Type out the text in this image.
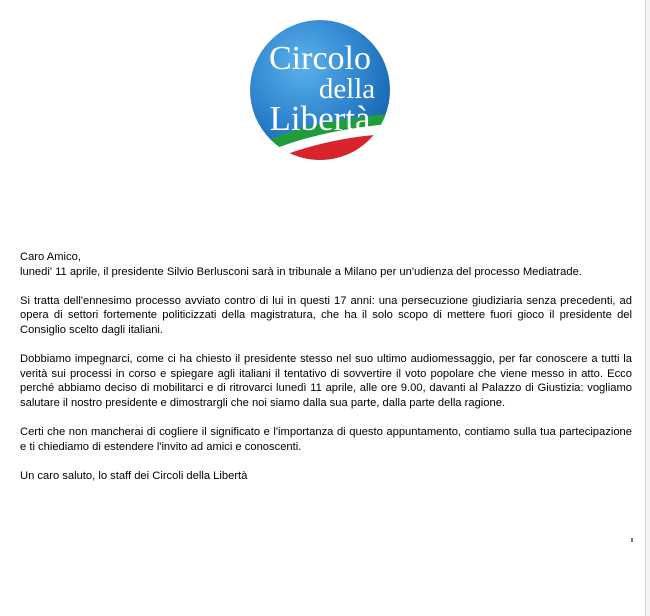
Circolo
della
Libertà

Caro Amico,
lunedi' 11 aprile, il presidente Silvio Berlusconi sarà in tribunale a Milano per un'udienza del processo Mediatrade.

Si tratta dell'ennesimo processo avviato contro di lui in questi 17 anni: una persecuzione giudiziaria senza precedenti, ad opera di settori fortemente politicizzati della magistratura, che ha il solo scopo di mettere fuori gioco il presidente del Consiglio scelto dagli italiani.

Dobbiamo impegnarci, come ci ha chiesto il presidente stesso nel suo ultimo audiomessaggio, per far conoscere a tutti la verità sui processi in corso e spiegare agli italiani il tentativo di sovvertire il voto popolare che viene messo in atto. Ecco perché abbiamo deciso di mobilitarci e di ritrovarci lunedì 11 aprile, alle ore 9.00, davanti al Palazzo di Giustizia: vogliamo salutare il nostro presidente e dimostrargli che noi siamo dalla sua parte, dalla parte della ragione.

Certi che non mancherai di cogliere il significato e l'importanza di questo appuntamento, contiamo sulla tua partecipazione e ti chiediamo di estendere l'invito ad amici e conoscenti.

Un caro saluto, lo staff dei Circoli della Libertà
